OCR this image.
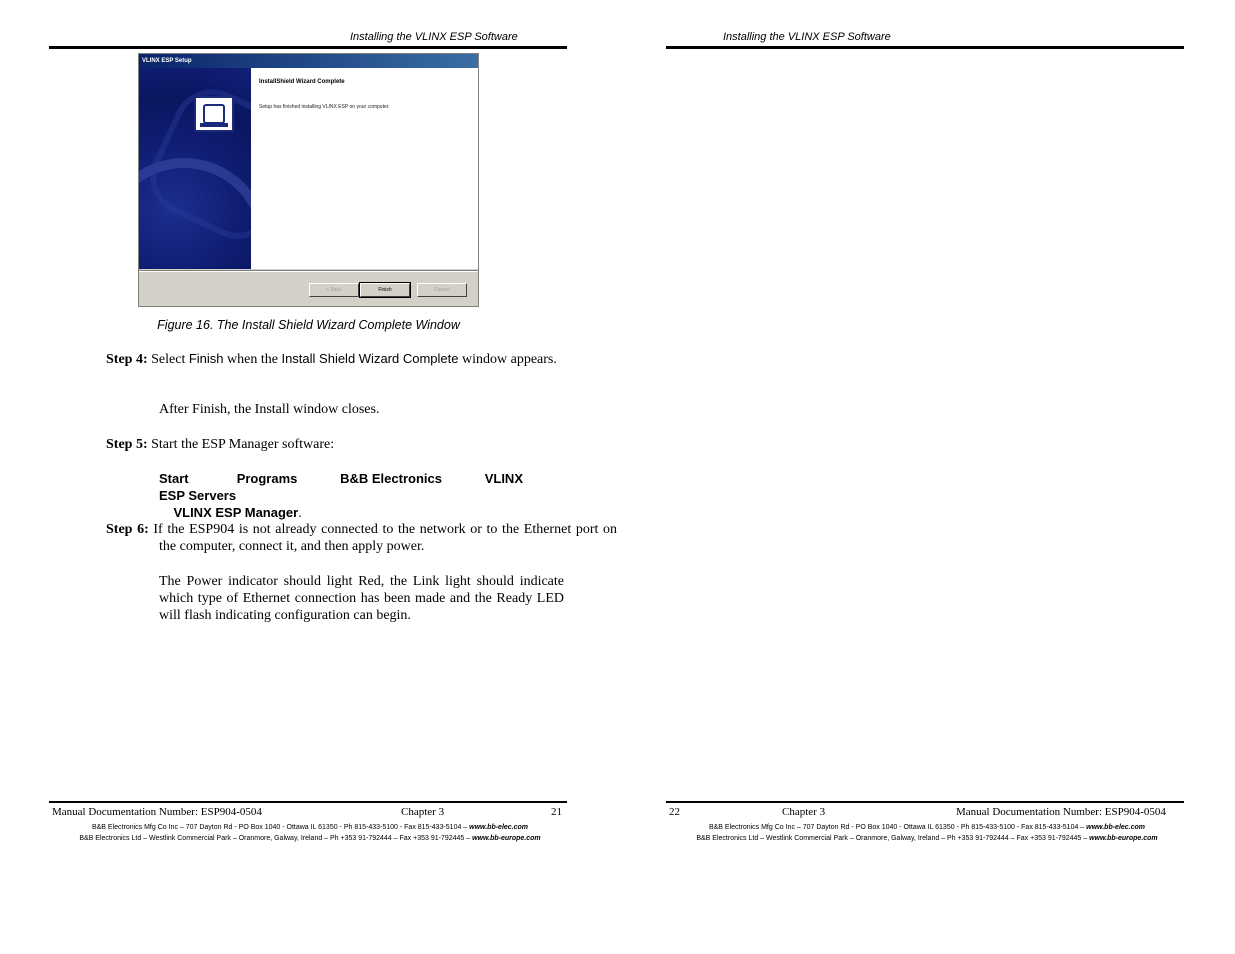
Installing the VLINX ESP Software
VLINX ESP Setup
InstallShield Wizard Complete
Setup has finished installing VLINX ESP on your computer.
< Back	Finish	Cancel
Figure 16. The Install Shield Wizard Complete Window
Step 4: Select Finish when the Install Shield Wizard Complete window appears.
After Finish, the Install window closes.
Step 5: Start the ESP Manager software:
Start	Programs	B&B Electronics	VLINX        ESP Servers
VLINX ESP Manager.
Step 6: If the ESP904 is not already connected to the network or to the Ethernet port on the computer, connect it, and then apply power.
The Power indicator should light Red, the Link light should indicate which type of Ethernet connection has been made and the Ready LED will flash indicating configuration can begin.
Manual Documentation Number: ESP904-0504	Chapter 3	21
B&B Electronics Mfg Co Inc – 707 Dayton Rd - PO Box 1040 - Ottawa IL 61350 - Ph 815-433-5100 - Fax 815-433-5104 – www.bb-elec.com
B&B Electronics Ltd – Westlink Commercial Park – Oranmore, Galway, Ireland – Ph +353 91-792444 – Fax +353 91-792445 – www.bb-europe.com
Installing the VLINX ESP Software
22	Chapter 3	Manual Documentation Number: ESP904-0504
B&B Electronics Mfg Co Inc – 707 Dayton Rd - PO Box 1040 - Ottawa IL 61350 - Ph 815-433-5100 - Fax 815-433-5104 – www.bb-elec.com
B&B Electronics Ltd – Westlink Commercial Park – Oranmore, Galway, Ireland – Ph +353 91-792444 – Fax +353 91-792445 – www.bb-europe.com
